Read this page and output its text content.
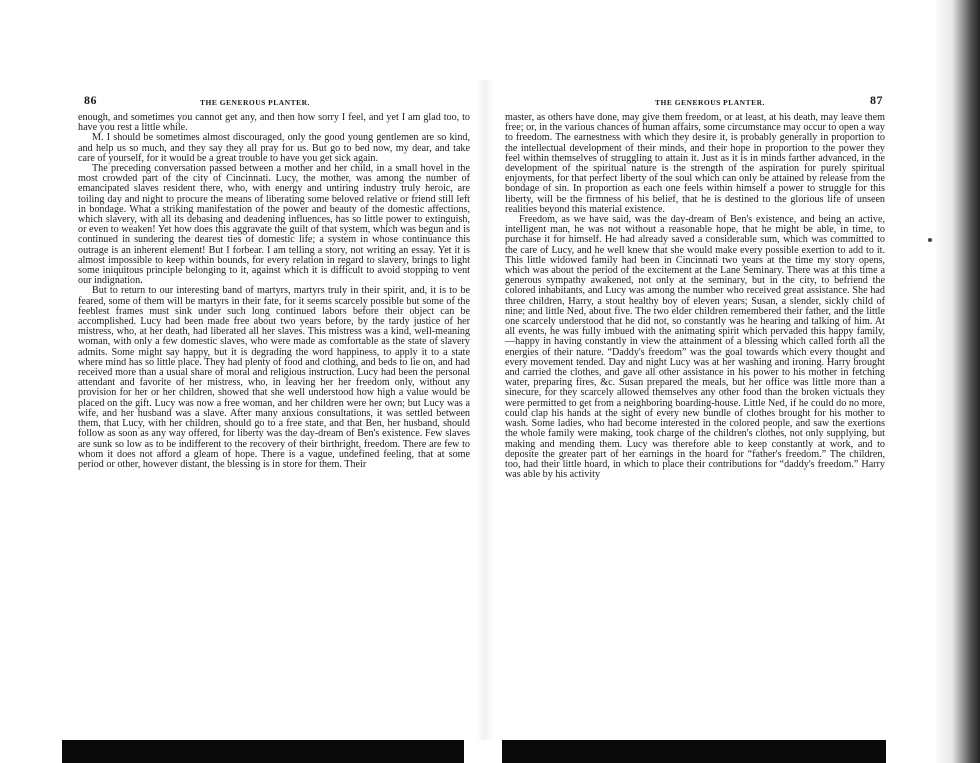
86	THE GENEROUS PLANTER.

enough, and sometimes you cannot get any, and then how sorry I feel, and yet I am glad too, to have you rest a little while.

M. I should be sometimes almost discouraged, only the good young gentlemen are so kind, and help us so much, and they say they all pray for us. But go to bed now, my dear, and take care of yourself, for it would be a great trouble to have you get sick again.

The preceding conversation passed between a mother and her child, in a small hovel in the most crowded part of the city of Cincinnati. Lucy, the mother, was among the number of emancipated slaves resident there, who, with energy and untiring industry truly heroic, are toiling day and night to procure the means of liberating some beloved relative or friend still left in bondage. What a striking manifestation of the power and beauty of the domestic affections, which slavery, with all its debasing and deadening influences, has so little power to extinguish, or even to weaken! Yet how does this aggravate the guilt of that system, which was begun and is continued in sundering the dearest ties of domestic life; a system in whose continuance this outrage is an inherent element! But I forbear. I am telling a story, not writing an essay. Yet it is almost impossible to keep within bounds, for every relation in regard to slavery, brings to light some iniquitous principle belonging to it, against which it is difficult to avoid stopping to vent our indignation.

But to return to our interesting band of martyrs, martyrs truly in their spirit, and, it is to be feared, some of them will be martyrs in their fate, for it seems scarcely possible but some of the feeblest frames must sink under such long continued labors before their object can be accomplished. Lucy had been made free about two years before, by the tardy justice of her mistress, who, at her death, had liberated all her slaves. This mistress was a kind, well-meaning woman, with only a few domestic slaves, who were made as comfortable as the state of slavery admits. Some might say happy, but it is degrading the word happiness, to apply it to a state where mind has so little place. They had plenty of food and clothing, and beds to lie on, and had received more than a usual share of moral and religious instruction. Lucy had been the personal attendant and favorite of her mistress, who, in leaving her her freedom only, without any provision for her or her children, showed that she well understood how high a value would be placed on the gift. Lucy was now a free woman, and her children were her own; but Lucy was a wife, and her husband was a slave. After many anxious consultations, it was settled between them, that Lucy, with her children, should go to a free state, and that Ben, her husband, should follow as soon as any way offered, for liberty was the day-dream of Ben's existence. Few slaves are sunk so low as to be indifferent to the recovery of their birthright, freedom. There are few to whom it does not afford a gleam of hope. There is a vague, undefined feeling, that at some period or other, however distant, the blessing is in store for them. Their

THE GENEROUS PLANTER.	87

master, as others have done, may give them freedom, or at least, at his death, may leave them free; or, in the various chances of human affairs, some circumstance may occur to open a way to freedom. The earnestness with which they desire it, is probably generally in proportion to the intellectual development of their minds, and their hope in proportion to the power they feel within themselves of struggling to attain it. Just as it is in minds farther advanced, in the development of the spiritual nature is the strength of the aspiration for purely spiritual enjoyments, for that perfect liberty of the soul which can only be attained by release from the bondage of sin. In proportion as each one feels within himself a power to struggle for this liberty, will be the firmness of his belief, that he is destined to the glorious life of unseen realities beyond this material existence.

Freedom, as we have said, was the day-dream of Ben's existence, and being an active, intelligent man, he was not without a reasonable hope, that he might be able, in time, to purchase it for himself. He had already saved a considerable sum, which was committed to the care of Lucy, and he well knew that she would make every possible exertion to add to it. This little widowed family had been in Cincinnati two years at the time my story opens, which was about the period of the excitement at the Lane Seminary. There was at this time a generous sympathy awakened, not only at the seminary, but in the city, to befriend the colored inhabitants, and Lucy was among the number who received great assistance. She had three children, Harry, a stout healthy boy of eleven years; Susan, a slender, sickly child of nine; and little Ned, about five. The two elder children remembered their father, and the little one scarcely understood that he did not, so constantly was he hearing and talking of him. At all events, he was fully imbued with the animating spirit which pervaded this happy family,—happy in having constantly in view the attainment of a blessing which called forth all the energies of their nature. “Daddy's freedom” was the goal towards which every thought and every movement tended. Day and night Lucy was at her washing and ironing. Harry brought and carried the clothes, and gave all other assistance in his power to his mother in fetching water, preparing fires, &c. Susan prepared the meals, but her office was little more than a sinecure, for they scarcely allowed themselves any other food than the broken victuals they were permitted to get from a neighboring boarding-house. Little Ned, if he could do no more, could clap his hands at the sight of every new bundle of clothes brought for his mother to wash. Some ladies, who had become interested in the colored people, and saw the exertions the whole family were making, took charge of the children's clothes, not only supplying, but making and mending them. Lucy was therefore able to keep constantly at work, and to deposite the greater part of her earnings in the hoard for “father's freedom.” The children, too, had their little hoard, in which to place their contributions for “daddy's freedom.” Harry was able by his activity
